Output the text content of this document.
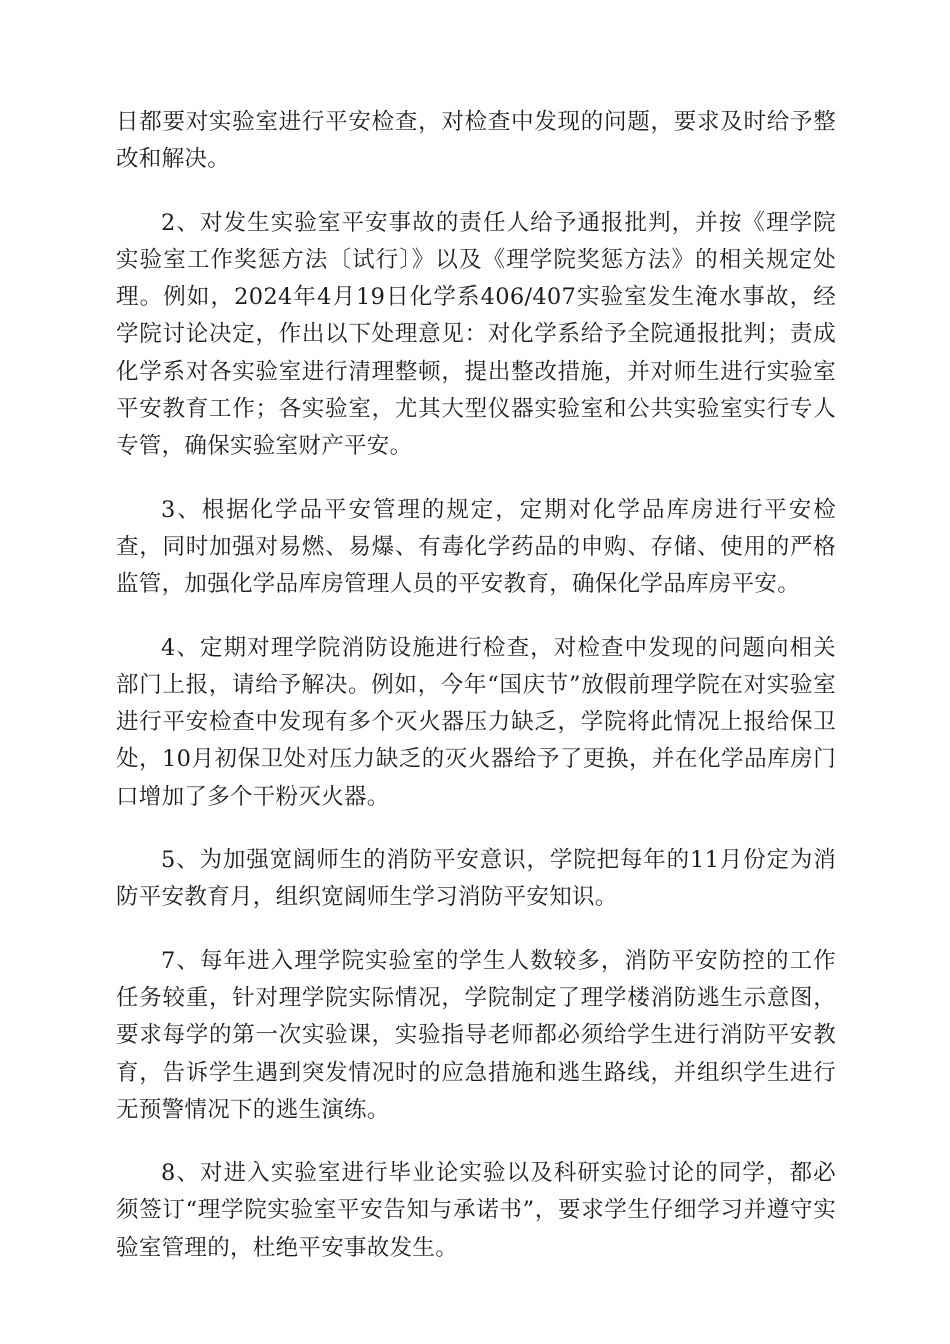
日都要对实验室进行平安检查，对检查中发现的问题，要求及时给予整改和解决。

2、对发生实验室平安事故的责任人给予通报批判，并按《理学院实验室工作奖惩方法〔试行〕》以及《理学院奖惩方法》的相关规定处理。例如，2024年4月19日化学系406/407实验室发生淹水事故，经学院讨论决定，作出以下处理意见：对化学系给予全院通报批判；责成化学系对各实验室进行清理整顿，提出整改措施，并对师生进行实验室平安教育工作；各实验室，尤其大型仪器实验室和公共实验室实行专人专管，确保实验室财产平安。

3、根据化学品平安管理的规定，定期对化学品库房进行平安检查，同时加强对易燃、易爆、有毒化学药品的申购、存储、使用的严格监管，加强化学品库房管理人员的平安教育，确保化学品库房平安。

4、定期对理学院消防设施进行检查，对检查中发现的问题向相关部门上报，请给予解决。例如，今年“国庆节”放假前理学院在对实验室进行平安检查中发现有多个灭火器压力缺乏，学院将此情况上报给保卫处，10月初保卫处对压力缺乏的灭火器给予了更换，并在化学品库房门口增加了多个干粉灭火器。

5、为加强宽阔师生的消防平安意识，学院把每年的11月份定为消防平安教育月，组织宽阔师生学习消防平安知识。

7、每年进入理学院实验室的学生人数较多，消防平安防控的工作任务较重，针对理学院实际情况，学院制定了理学楼消防逃生示意图，要求每学的第一次实验课，实验指导老师都必须给学生进行消防平安教育，告诉学生遇到突发情况时的应急措施和逃生路线，并组织学生进行无预警情况下的逃生演练。

8、对进入实验室进行毕业论实验以及科研实验讨论的同学，都必须签订“理学院实验室平安告知与承诺书”，要求学生仔细学习并遵守实验室管理的，杜绝平安事故发生。
